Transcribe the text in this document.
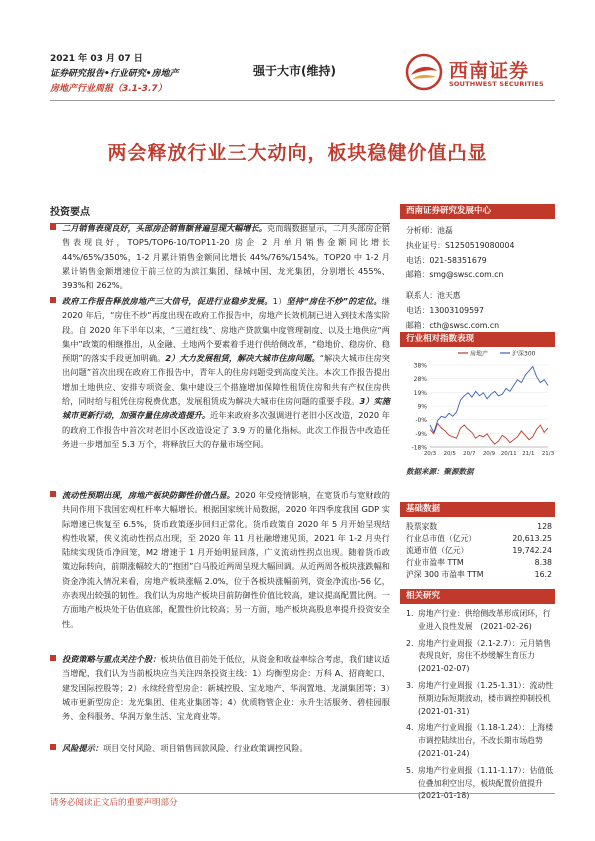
2021 年 03 月 07 日
证券研究报告•行业研究•房地产
房地产行业周报（3.1-3.7）
强于大市(维持)	西南证券
SOUTHWEST SECURITIES
两会释放行业三大动向，板块稳健价值凸显
投资要点
二月销售表现良好，头部房企销售额普遍呈现大幅增长。克而瑞数据显示，二月头部房企销售表现良好，TOP5/TOP6-10/TOP11-20 房企 2 月单月销售金额同比增长 44%/65%/350%，1-2 月累计销售金额同比增长 44%/76%/154%。TOP20 中 1-2 月累计销售金额增速位于前三位的为滨江集团、绿城中国、龙光集团，分别增长 455%、393%和 262%。
政府工作报告释放房地产三大信号，促进行业稳步发展。1）坚持“房住不炒”的定位。继 2020 年后，“房住不炒”再度出现在政府工作报告中，房地产长效机制已进入到技术落实阶段。自 2020 年下半年以来，“三道红线”、房地产贷款集中度管理制度、以及土地供应“两集中”政策的相继推出，从金融、土地两个要素着手进行供给侧改革，“稳地价、稳房价、稳预期”的落实手段更加明确。2）大力发展租赁，解决大城市住房问题。“解决大城市住房突出问题”首次出现在政府工作报告中，青年人的住房问题受到高度关注。本次工作报告提出增加土地供应、安排专项资金、集中建设三个措施增加保障性租赁住房和共有产权住房供给，同时给与租凭住房税费优惠，发展租赁成为解决大城市住房问题的重要手段。3）实施城市更新行动，加强存量住房改造提升。近年来政府多次强调进行老旧小区改造，2020 年的政府工作报告中首次对老旧小区改造设定了 3.9 万的量化指标。此次工作报告中改造任务进一步增加至 5.3 万个，将释放巨大的存量市场空间。
流动性预期出现，房地产板块防御性价值凸显。2020 年受疫情影响，在宽货币与宽财政的共同作用下我国宏观杠杆率大幅增长。根据国家统计局数据，2020 年四季度我国 GDP 实际增速已恢复至 6.5%，货币政策逐步回归正常化。货币政策自 2020 年 5 月开始呈现结构性收紧，侠义流动性拐点出现，至 2020 年 11 月社融增速见顶，2021 年 1-2 月央行陆续实现货币净回笼，M2 增速于 1 月开始明显回落，广义流动性拐点出现。随着货币政策边际转向，前期涨幅较大的“抱团”白马股近两周呈现大幅回调。从近两周各板块涨跌幅和资金净流入情况来看，房地产板块涨幅 2.0%，位于各板块涨幅前列，资金净流出-56 亿，亦表现出较强的韧性。我们认为房地产板块目前防御性价值比较高，建议提高配置比例。一方面地产板块处于估值底部，配置性价比较高；另一方面，地产板块高股息率提升投资安全性。
投资策略与重点关注个股：板块估值目前处于低位，从资金和收益率综合考虑，我们建议适当增配，我们认为当前板块应当关注四条投资主线：1）均衡型房企：万科 A、招商蛇口、建发国际控股等；2）永续经营型房企：新城控股、宝龙地产、华润置地、龙湖集团等；3）城市更新型房企：龙光集团、佳兆业集团等；4）优质物管企业：永升生活服务、碧桂园服务、金科服务、华润万象生活、宝龙商业等。
风险提示：项目交付风险、项目销售回款风险、行业政策调控风险。
西南证券研究发展中心
分析师：池磊
执业证号：S1250519080004
电话：021-58351679
邮箱：smg@swsc.com.cn
联系人：池天惠
电话：13003109597
邮箱：cth@swsc.com.cn
行业相对指数表现
38%
28%
19%
9%
-0%
-9%
-18%
20/3 20/5 20/7 20/9 20/11 21/1 21/3
房地产	沪深300
数据来源：聚源数据
基础数据
股票家数	128
行业总市值（亿元）	20,613.25
流通市值（亿元）	19,742.24
行业市盈率 TTM	8.38
沪深 300 市盈率 TTM	16.2
相关研究
1. 房地产行业：供给侧改革形成闭环，行业进入良性发展　(2021-02-26)
2. 房地产行业周报（2.1-2.7）：元月销售表现良好，房住不炒缓解生育压力　(2021-02-07)
3. 房地产行业周报（1.25-1.31）：流动性预期边际短期波动，楼市调控抑制投机　(2021-01-31)
4. 房地产行业周报（1.18-1.24）：上海楼市调控陆续出台，不改长期市场趋势　(2021-01-24)
5. 房地产行业周报（1.11-1.17）：估值低位叠加利空出尽，板块配置价值提升　(2021-01-18)
请务必阅读正文后的重要声明部分
